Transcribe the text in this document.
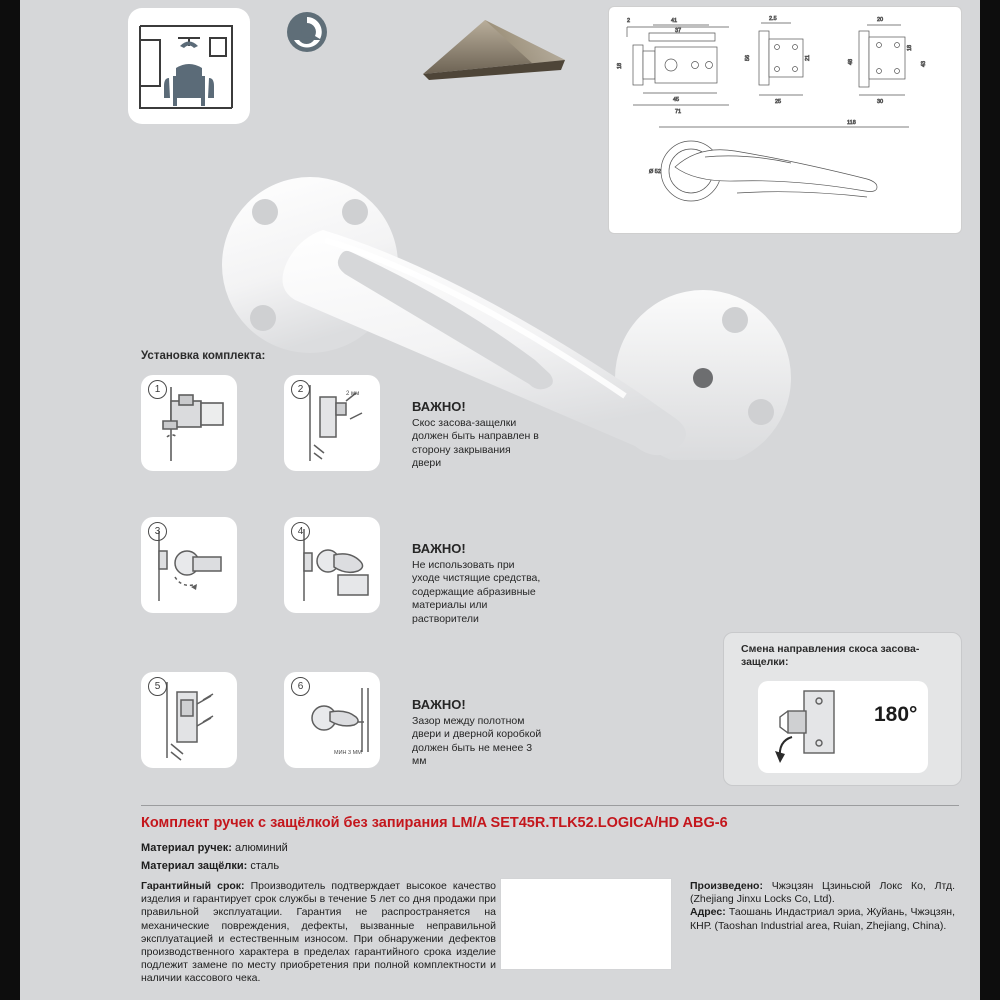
41
37
2
18
45
71
2.5
21
25
56
20
18
48	43
30
118
Ø 52
Установка комплекта:
1	2	2 мм
ВАЖНО!
Скос засова-защелки должен быть направлен в сторону закрывания двери
3	4
ВАЖНО!
Не использовать при уходе чистящие средства, содержащие абразивные материалы или растворители
5	6
МИН 3 ММ
ВАЖНО!
Зазор между полотном двери и дверной коробкой должен быть не менее 3 мм
Смена направления скоса засова-защелки:
180°
Комплект ручек с защёлкой без запирания LM/A SET45R.TLK52.LOGICA/HD ABG-6
Материал ручек: алюминий
Материал защёлки: сталь
Гарантийный срок: Производитель подтверждает высокое качество изделия и гарантирует срок службы в течение 5 лет со дня продажи при правильной эксплуатации. Гарантия не распространяется на механические повреждения, дефекты, вызванные неправильной эксплуатацией и естественным износом. При обнаружении дефектов производственного характера в пределах гарантийного срока изделие подлежит замене по месту приобретения при полной комплектности и наличии кассового чека.
Произведено: Чжэцзян Цзиньсюй Локс Ко, Лтд. (Zhejiang Jinxu Locks Co, Ltd).
Адрес: Таошань Индастриал эриа, Жуйань, Чжэцзян, КНР. (Taoshan Industrial area, Ruian, Zhejiang, China).
